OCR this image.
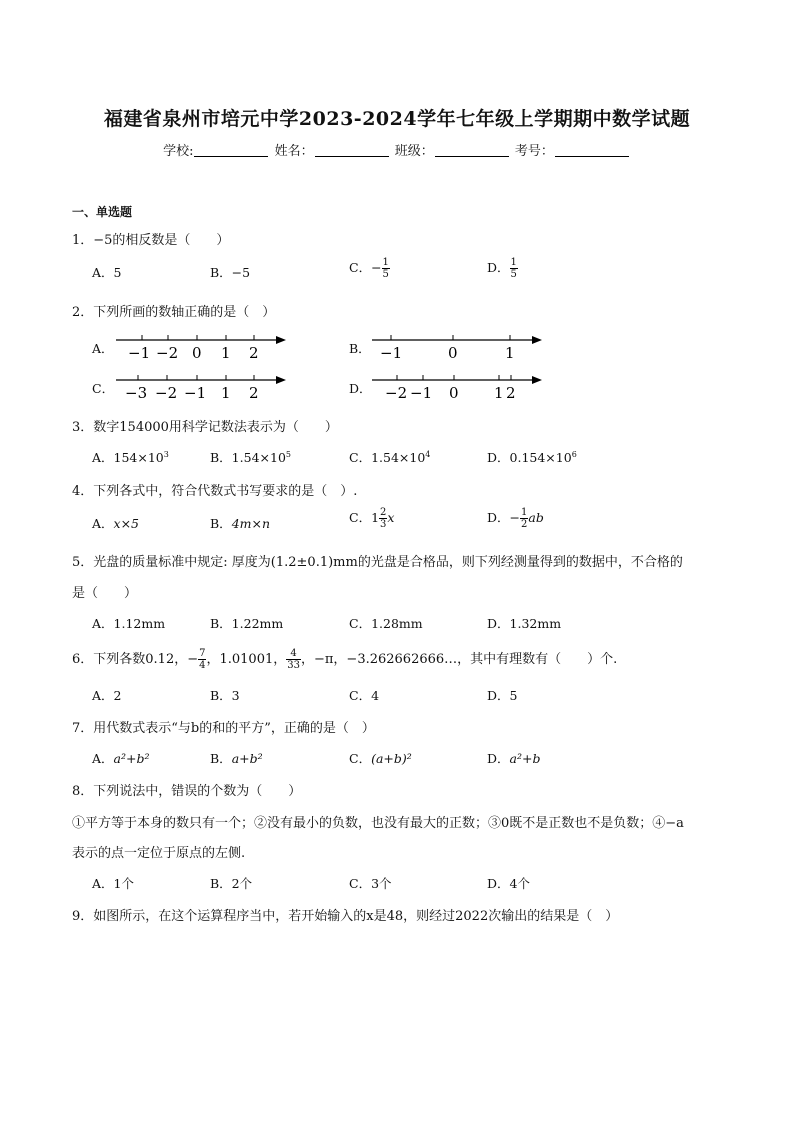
福建省泉州市培元中学2023-2024学年七年级上学期期中数学试题
学校:	姓名：	班级：	考号：
一、单选题
1．−5的相反数是（　　）
A．5	B．−5	C．− $\frac{1}{5}$	D． $\frac{1}{5}$
2．下列所画的数轴正确的是（　）
A．	B．
C．	D．
−1 −2 0 1 2	−1	0	1
−3 −2 −1 1 2	−2 −1 0 1 2
3．数字154000用科学记数法表示为（　　）
A．$154\times 10^3$	B．$1.54\times 10^5$	C．$1.54\times 10^4$	D．$0.154\times 10^6$
4．下列各式中，符合代数式书写要求的是（　）.
A．x×5	B．4m×n	C．$1 \frac{2}{3}$ x	D．− $\frac{1}{2}$ ab
5．光盘的质量标准中规定: 厚度为(1.2±0.1)mm的光盘是合格品，则下列经测量得到的数据中，不合格的
是（　　）
A．1.12mm	B．1.22mm	C．1.28mm	D．1.32mm
6．下列各数0.12，− $\frac{7}{4}$ ，1.01001， $\frac{4}{33}$ ，−π，−3.262662666…，其中有理数有（　　）个.
A．2	B．3	C．4	D．5
7．用代数式表示“与b的和的平方”，正确的是（　）
A．a²+b²	B．a+b²	C．(a+b)²	D．a²+b
8．下列说法中，错误的个数为（　　）
①平方等于本身的数只有一个；②没有最小的负数，也没有最大的正数；③0既不是正数也不是负数；④−a
表示的点一定位于原点的左侧.
A．1个	B．2个	C．3个	D．4个
9．如图所示，在这个运算程序当中，若开始输入的x是48，则经过2022次输出的结果是（　）
